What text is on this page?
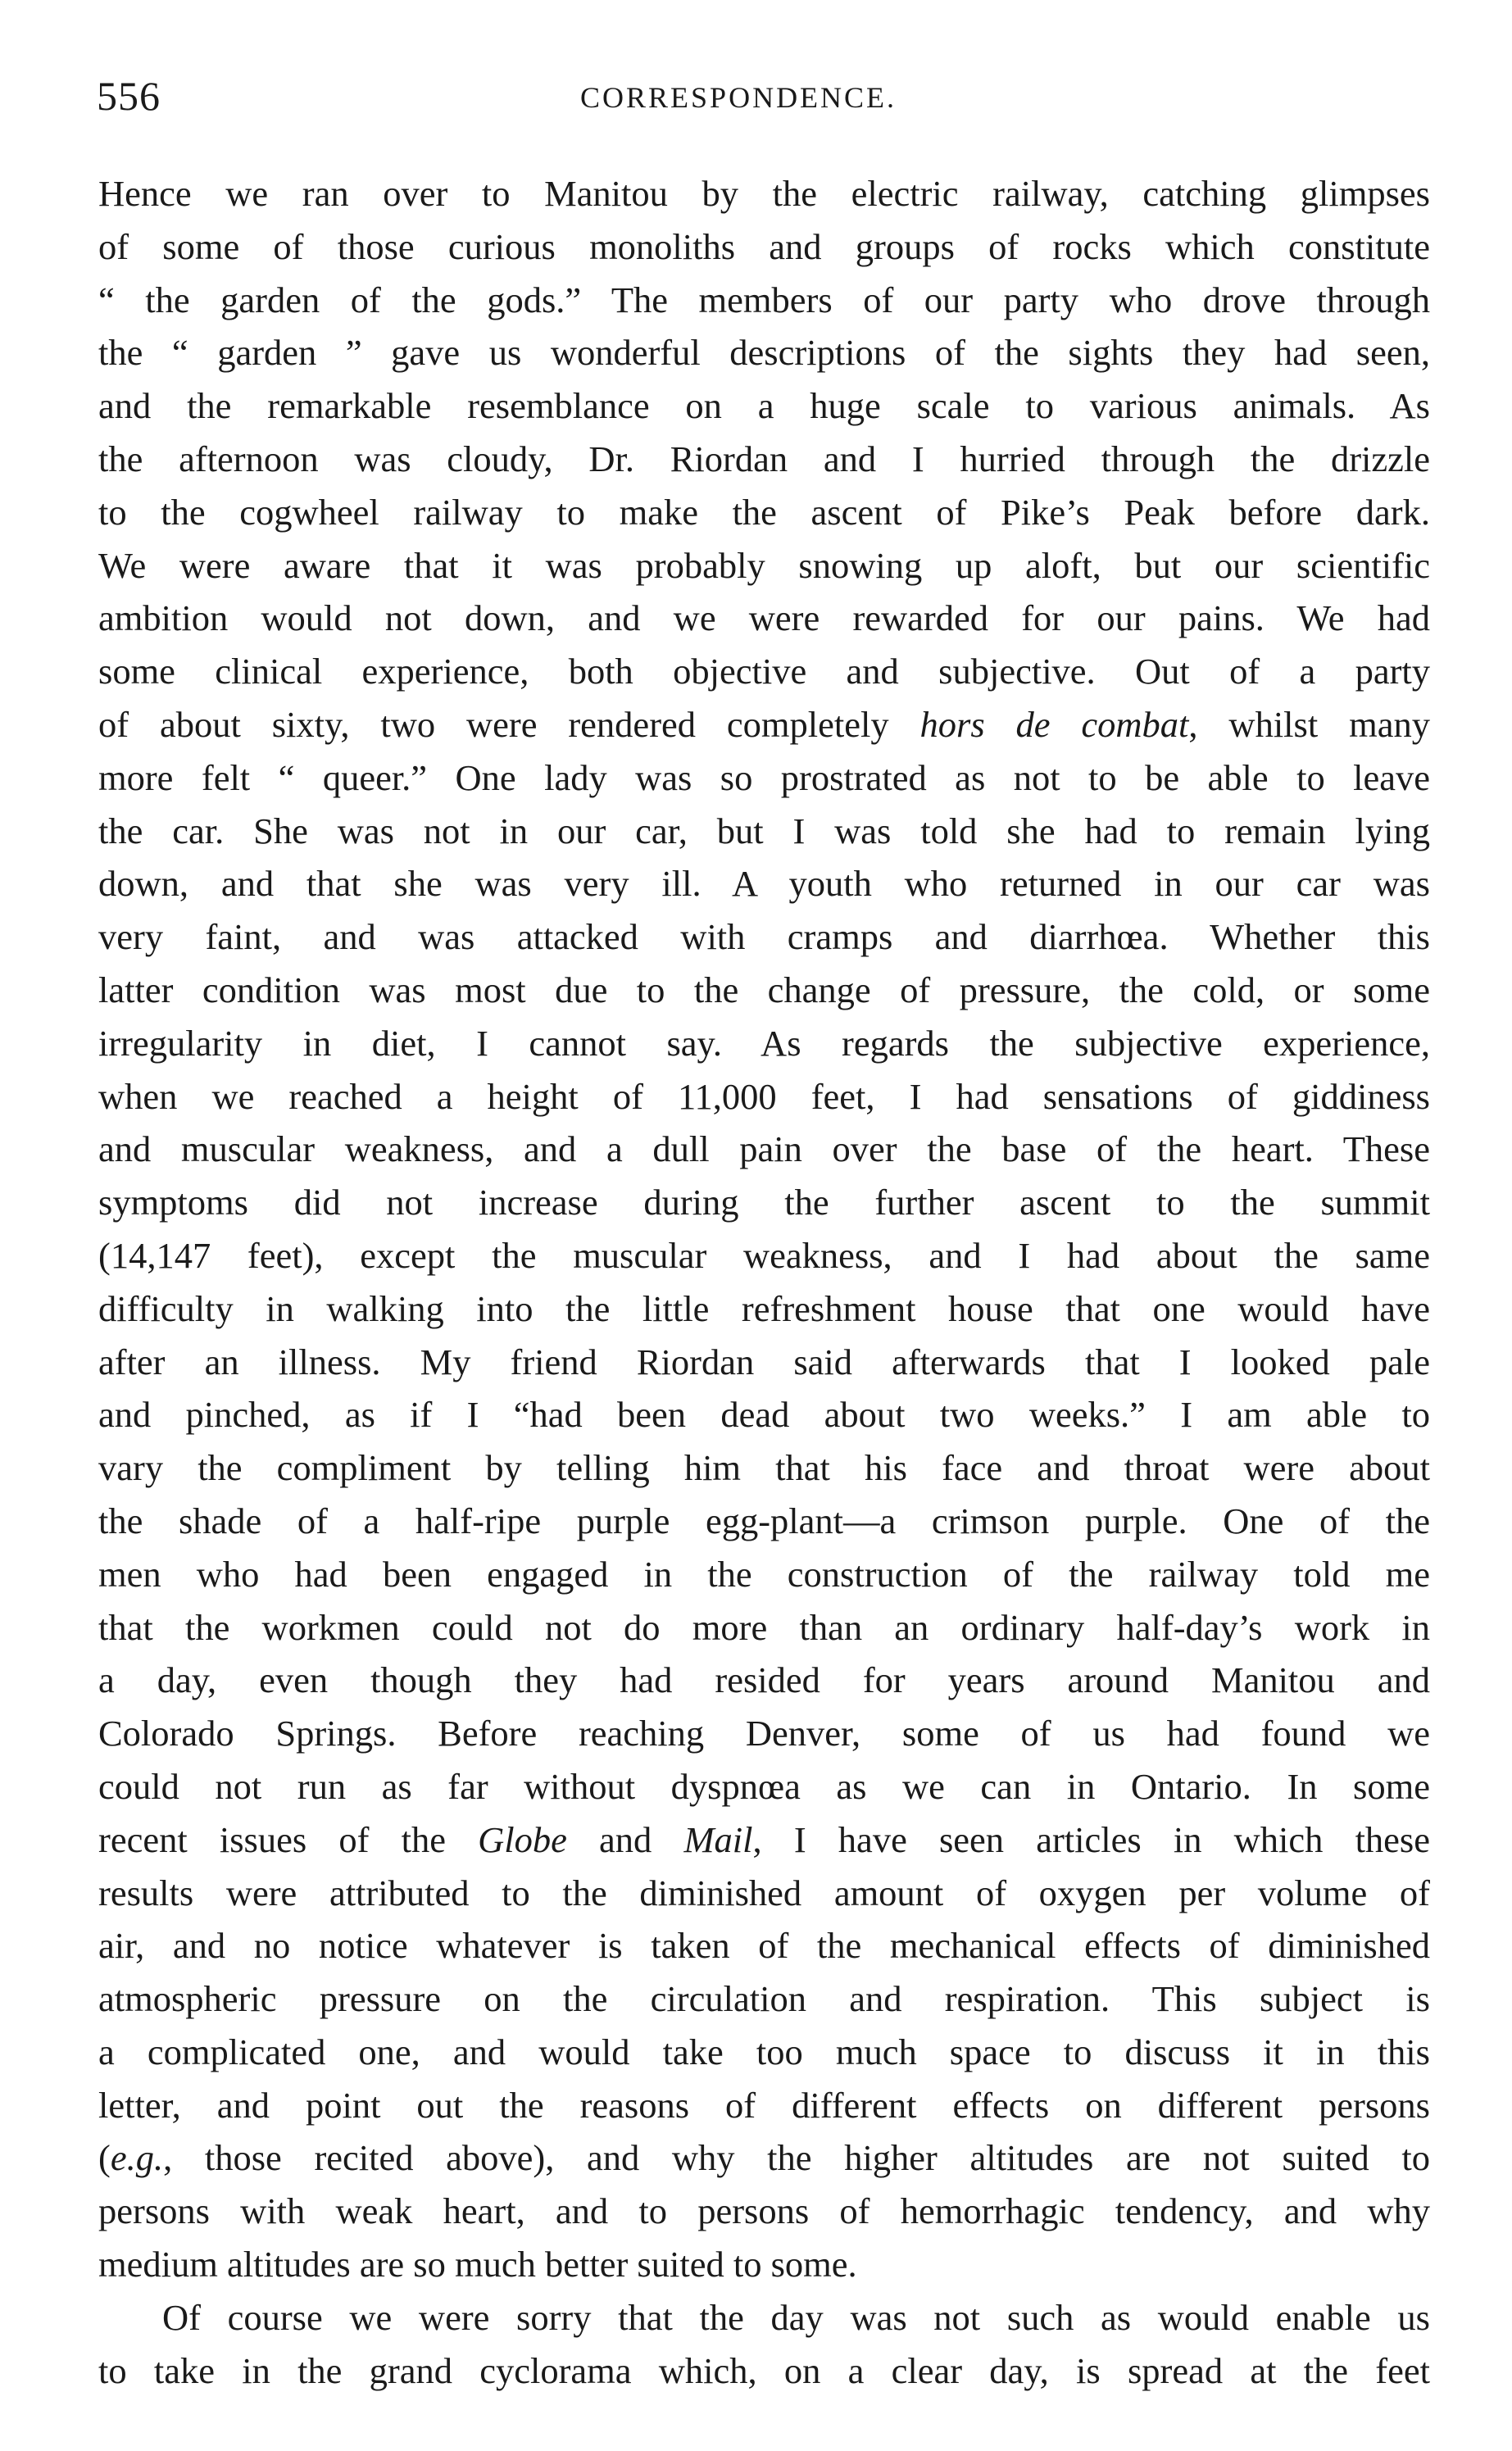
556	CORRESPONDENCE.
Hence we ran over to Manitou by the electric railway, catching glimpses
of some of those curious monoliths and groups of rocks which constitute
“ the garden of the gods.” The members of our party who drove through
the “ garden ” gave us wonderful descriptions of the sights they had seen,
and the remarkable resemblance on a huge scale to various animals. As
the afternoon was cloudy, Dr. Riordan and I hurried through the drizzle
to the cogwheel railway to make the ascent of Pike’s Peak before dark.
We were aware that it was probably snowing up aloft, but our scientific
ambition would not down, and we were rewarded for our pains. We had
some clinical experience, both objective and subjective. Out of a party
of about sixty, two were rendered completely hors de combat, whilst many
more felt “ queer.” One lady was so prostrated as not to be able to leave
the car. She was not in our car, but I was told she had to remain lying
down, and that she was very ill. A youth who returned in our car was
very faint, and was attacked with cramps and diarrhœa. Whether this
latter condition was most due to the change of pressure, the cold, or some
irregularity in diet, I cannot say. As regards the subjective experience,
when we reached a height of 11,000 feet, I had sensations of giddiness
and muscular weakness, and a dull pain over the base of the heart. These
symptoms did not increase during the further ascent to the summit
(14,147 feet), except the muscular weakness, and I had about the same
difficulty in walking into the little refreshment house that one would have
after an illness. My friend Riordan said afterwards that I looked pale
and pinched, as if I “had been dead about two weeks.” I am able to
vary the compliment by telling him that his face and throat were about
the shade of a half-ripe purple egg-plant—a crimson purple. One of the
men who had been engaged in the construction of the railway told me
that the workmen could not do more than an ordinary half-day’s work in
a day, even though they had resided for years around Manitou and
Colorado Springs. Before reaching Denver, some of us had found we
could not run as far without dyspnœa as we can in Ontario. In some
recent issues of the Globe and Mail, I have seen articles in which these
results were attributed to the diminished amount of oxygen per volume of
air, and no notice whatever is taken of the mechanical effects of diminished
atmospheric pressure on the circulation and respiration. This subject is
a complicated one, and would take too much space to discuss it in this
letter, and point out the reasons of different effects on different persons
(e.g., those recited above), and why the higher altitudes are not suited to
persons with weak heart, and to persons of hemorrhagic tendency, and why
medium altitudes are so much better suited to some.
Of course we were sorry that the day was not such as would enable us
to take in the grand cyclorama which, on a clear day, is spread at the feet
